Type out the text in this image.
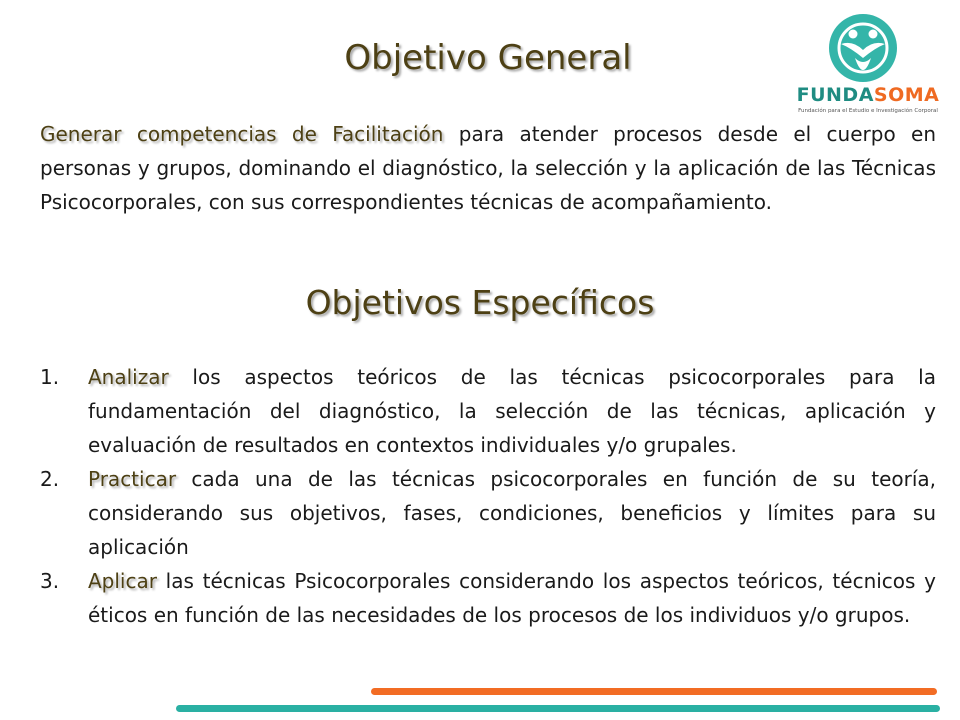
Objetivo General
FUNDASOMA
Fundación para el Estudio e Investigación Corporal
Generar competencias de Facilitación para atender procesos desde el cuerpo en personas y grupos, dominando el diagnóstico, la selección y la aplicación de las Técnicas Psicocorporales, con sus correspondientes técnicas de acompañamiento.
Objetivos Específicos
1. Analizar los aspectos teóricos de las técnicas psicocorporales para la fundamentación del diagnóstico, la selección de las técnicas, aplicación y evaluación de resultados en contextos individuales y/o grupales.
2. Practicar cada una de las técnicas psicocorporales en función de su teoría, considerando sus objetivos, fases, condiciones, beneficios y límites para su aplicación
3. Aplicar las técnicas Psicocorporales considerando los aspectos teóricos, técnicos y éticos en función de las necesidades de los procesos de los individuos y/o grupos.
